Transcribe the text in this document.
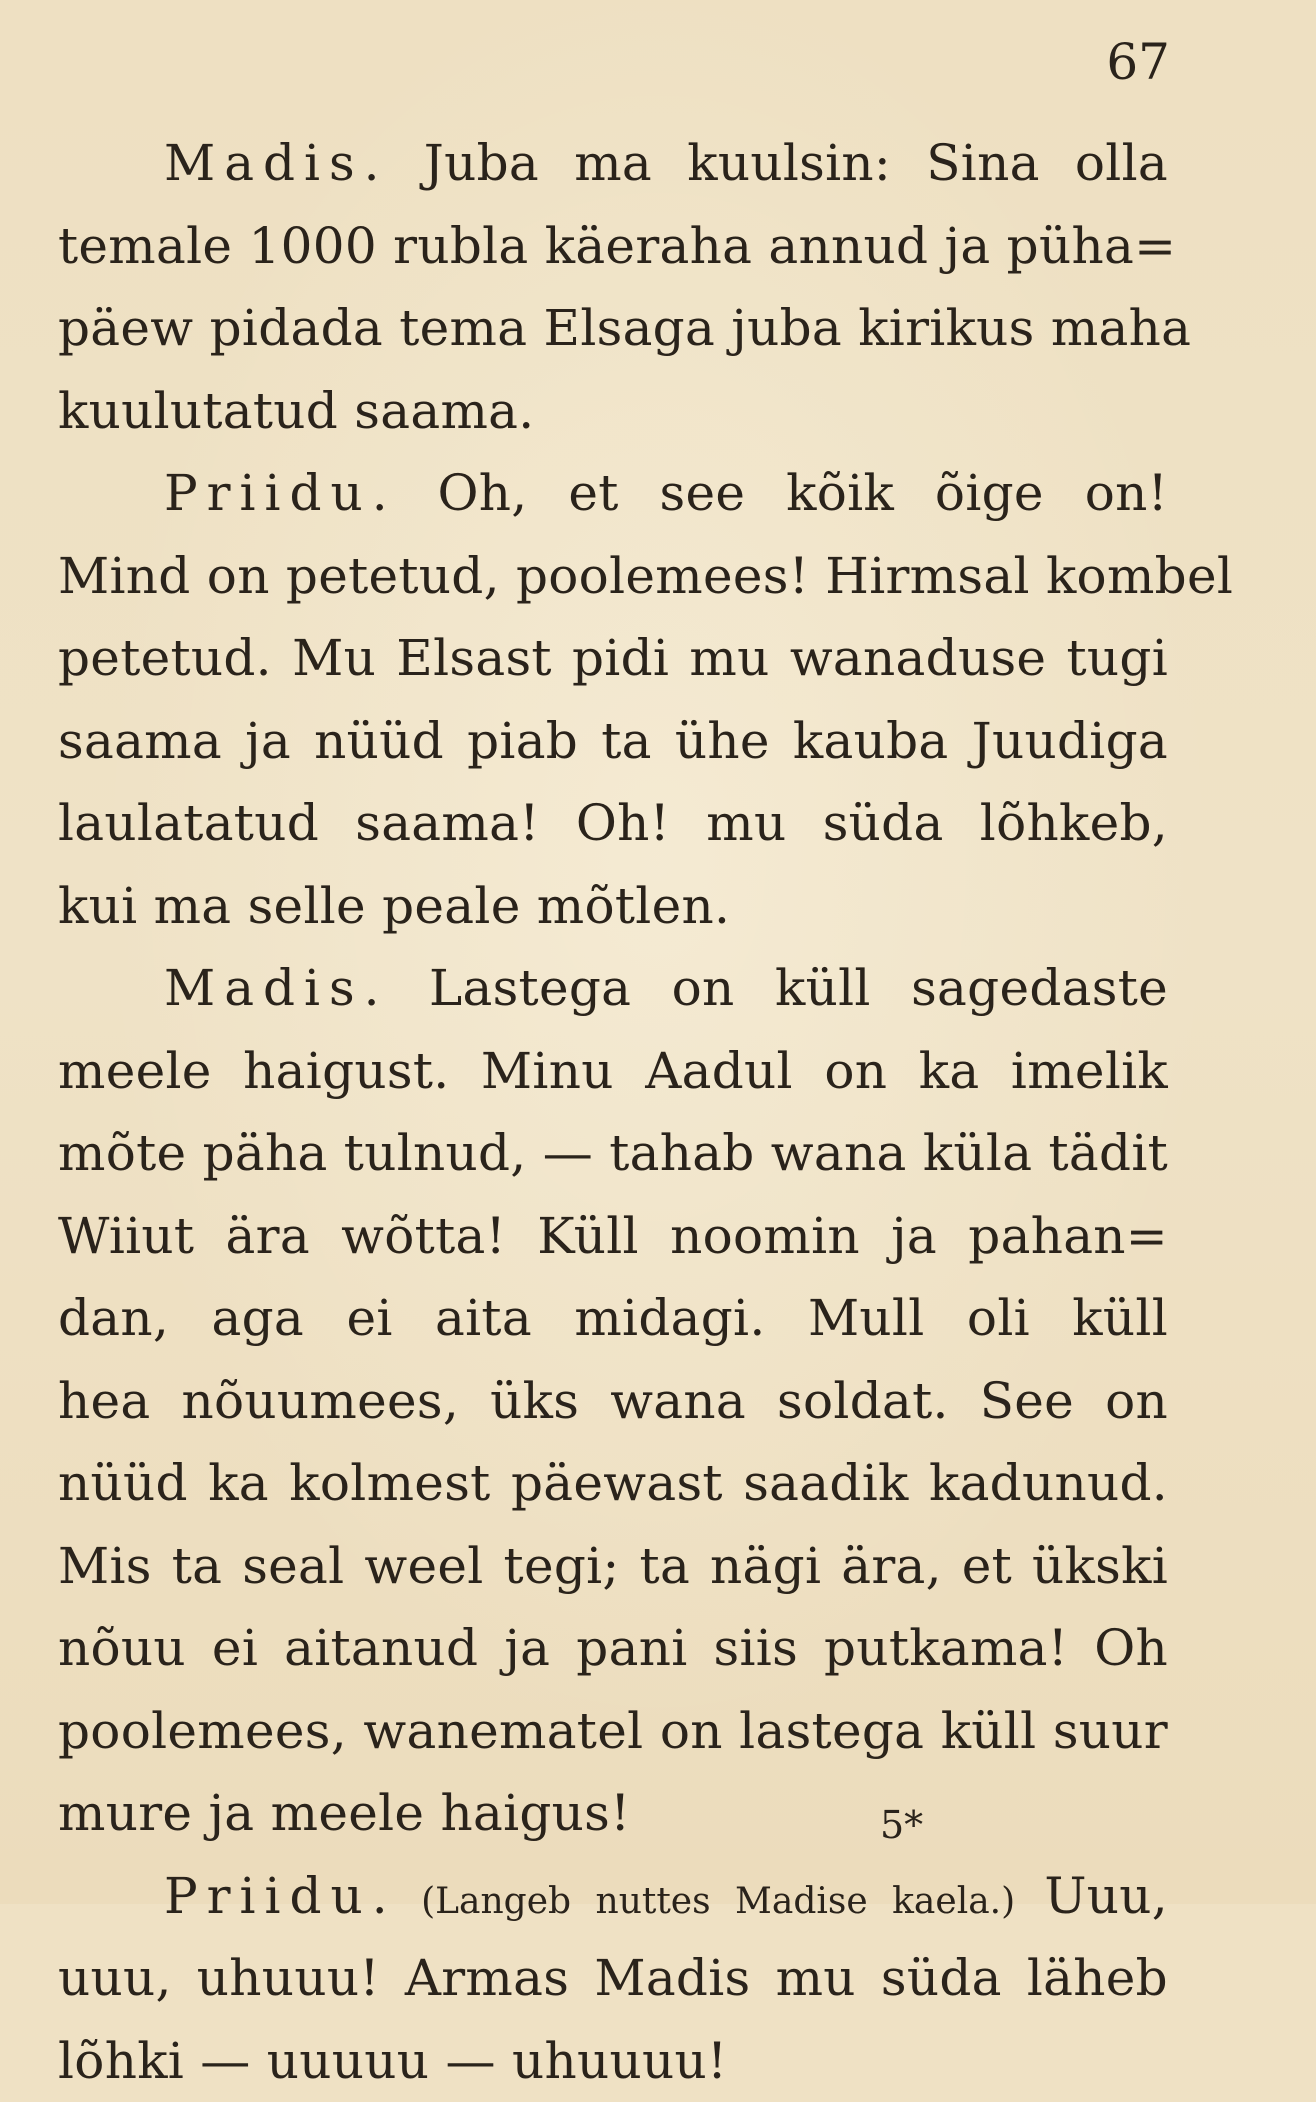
67
Madis. Juba ma kuulsin: Sina olla
temale 1000 rubla käeraha annud ja püha=
päew pidada tema Elsaga juba kirikus maha
kuulutatud saama.
Priidu. Oh, et see kõik õige on!
Mind on petetud, poolemees! Hirmsal kombel
petetud. Mu Elsast pidi mu wanaduse tugi
saama ja nüüd piab ta ühe kauba Juudiga
laulatatud saama! Oh! mu süda lõhkeb,
kui ma selle peale mõtlen.
Madis. Lastega on küll sagedaste
meele haigust. Minu Aadul on ka imelik
mõte päha tulnud, — tahab wana küla tädit
Wiiut ära wõtta! Küll noomin ja pahan=
dan, aga ei aita midagi. Mull oli küll
hea nõuumees, üks wana soldat. See on
nüüd ka kolmest päewast saadik kadunud.
Mis ta seal weel tegi; ta nägi ära, et ükski
nõuu ei aitanud ja pani siis putkama! Oh
poolemees, wanematel on lastega küll suur
mure ja meele haigus!
Priidu. (Langeb nuttes Madise kaela.) Uuu,
uuu, uhuuu! Armas Madis mu süda läheb
lõhki — uuuuu — uhuuuu!
5*
